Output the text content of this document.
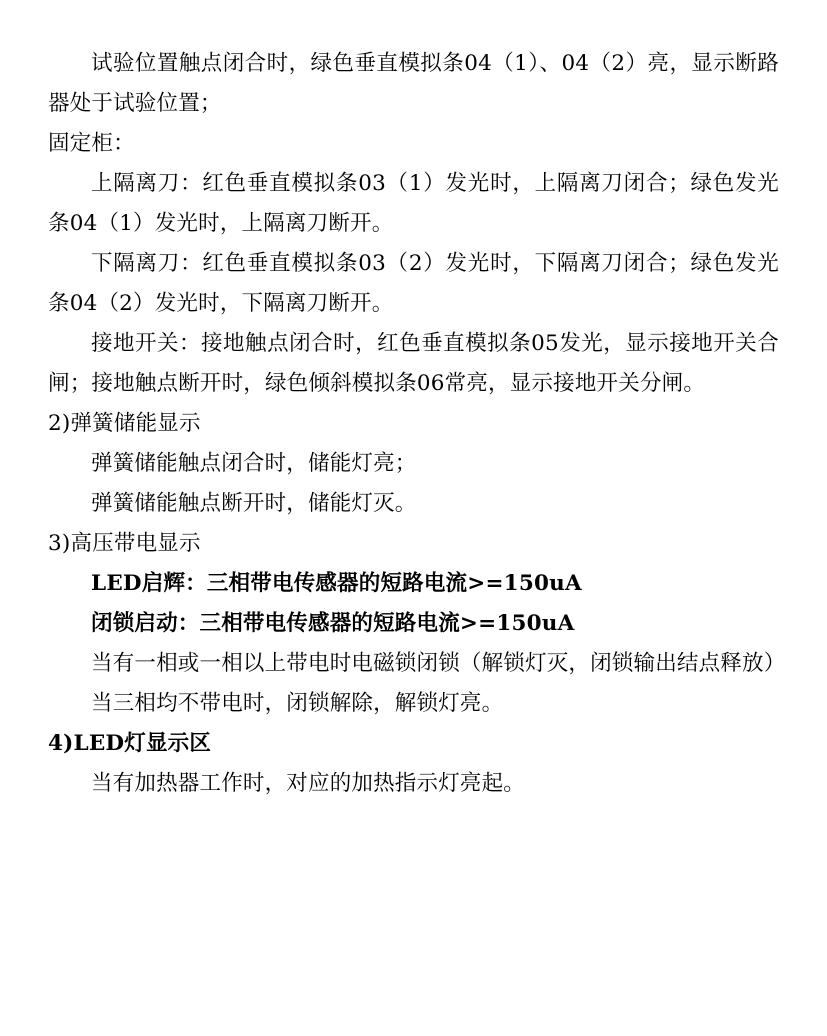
试验位置触点闭合时，绿色垂直模拟条04（1）、04（2）亮，显示断路器处于试验位置；

固定柜：

上隔离刀：红色垂直模拟条03（1）发光时，上隔离刀闭合；绿色发光条04（1）发光时，上隔离刀断开。

下隔离刀：红色垂直模拟条03（2）发光时，下隔离刀闭合；绿色发光条04（2）发光时，下隔离刀断开。

接地开关：接地触点闭合时，红色垂直模拟条05发光，显示接地开关合闸；接地触点断开时，绿色倾斜模拟条06常亮，显示接地开关分闸。

2)弹簧储能显示

弹簧储能触点闭合时，储能灯亮；

弹簧储能触点断开时，储能灯灭。

3)高压带电显示

LED启辉：三相带电传感器的短路电流>=150uA

闭锁启动：三相带电传感器的短路电流>=150uA

当有一相或一相以上带电时电磁锁闭锁（解锁灯灭，闭锁输出结点释放）

当三相均不带电时，闭锁解除，解锁灯亮。

4)LED灯显示区

当有加热器工作时，对应的加热指示灯亮起。
